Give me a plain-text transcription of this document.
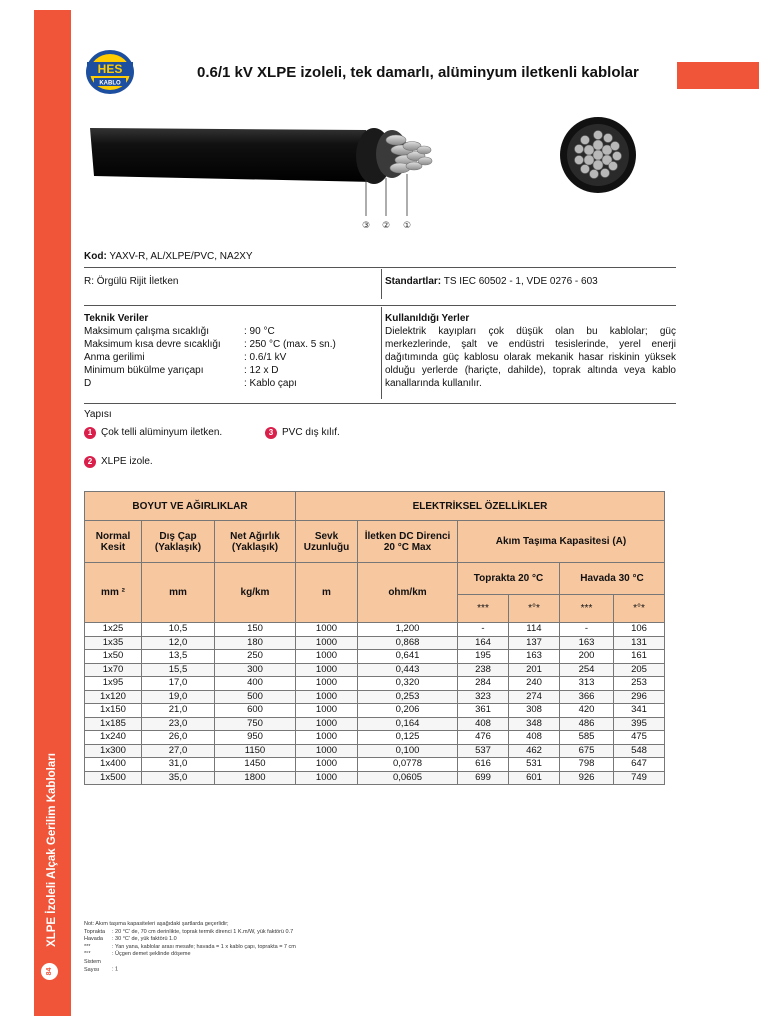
XLPE İzoleli Alçak Gerilim Kabloları
84
HES
KABLO
0.6/1 kV XLPE izoleli, tek damarlı, alüminyum iletkenli kablolar
③ ② ①
Kod: YAXV-R, AL/XLPE/PVC, NA2XY
R: Örgülü Rijit İletken	Standartlar: TS IEC 60502 - 1, VDE 0276 - 603
Teknik Veriler
Maksimum çalışma sıcaklığı	: 90 °C
Maksimum kısa devre sıcaklığı	: 250 °C (max. 5 sn.)
Anma gerilimi	: 0.6/1 kV
Minimum bükülme yarıçapı	: 12 x D
D	: Kablo çapı
Kullanıldığı Yerler
Dielektrik kayıpları çok düşük olan bu kablolar; güç merkezlerinde, şalt ve endüstri tesislerinde, yerel enerji dağıtımında güç kablosu olarak mekanik hasar riskinin yüksek olduğu yerlerde (hariçte, dahilde), toprak altında veya kablo kanallarında kullanılır.
Yapısı
1 Çok telli alüminyum iletken.	3 PVC dış kılıf.
2 XLPE izole.
BOYUT VE AĞIRLIKLAR			ELEKTRİKSEL ÖZELLİKLER					
Normal Kesit	Dış Çap (Yaklaşık)	Net Ağırlık (Yaklaşık)	Sevk Uzunluğu	İletken DC Direnci 20 °C Max	Akım Taşıma Kapasitesi (A)			
mm ²	mm	kg/km	m	ohm/km	Toprakta 20 °C		Havada 30 °C	
					***	*°*	***	*°*
1x25	10,5	150	1000	1,200	-	114	-	106
1x35	12,0	180	1000	0,868	164	137	163	131
1x50	13,5	250	1000	0,641	195	163	200	161
1x70	15,5	300	1000	0,443	238	201	254	205
1x95	17,0	400	1000	0,320	284	240	313	253
1x120	19,0	500	1000	0,253	323	274	366	296
1x150	21,0	600	1000	0,206	361	308	420	341
1x185	23,0	750	1000	0,164	408	348	486	395
1x240	26,0	950	1000	0,125	476	408	585	475
1x300	27,0	1150	1000	0,100	537	462	675	548
1x400	31,0	1450	1000	0,0778	616	531	798	647
1x500	35,0	1800	1000	0,0605	699	601	926	749
Not: Akım taşıma kapasiteleri aşağıdaki şartlarda geçerlidir;
Toprakta : 20 °C' de, 70 cm derinlikte, toprak termik direnci 1 K.m/W, yük faktörü 0.7
Havada : 30 °C' de, yük faktörü 1.0
***	: Yan yana, kablolar arası mesafe; havada = 1 x kablo çapı, toprakta = 7 cm
*°*	: Üçgen demet şeklinde döşeme
Sistem Sayısı : 1
